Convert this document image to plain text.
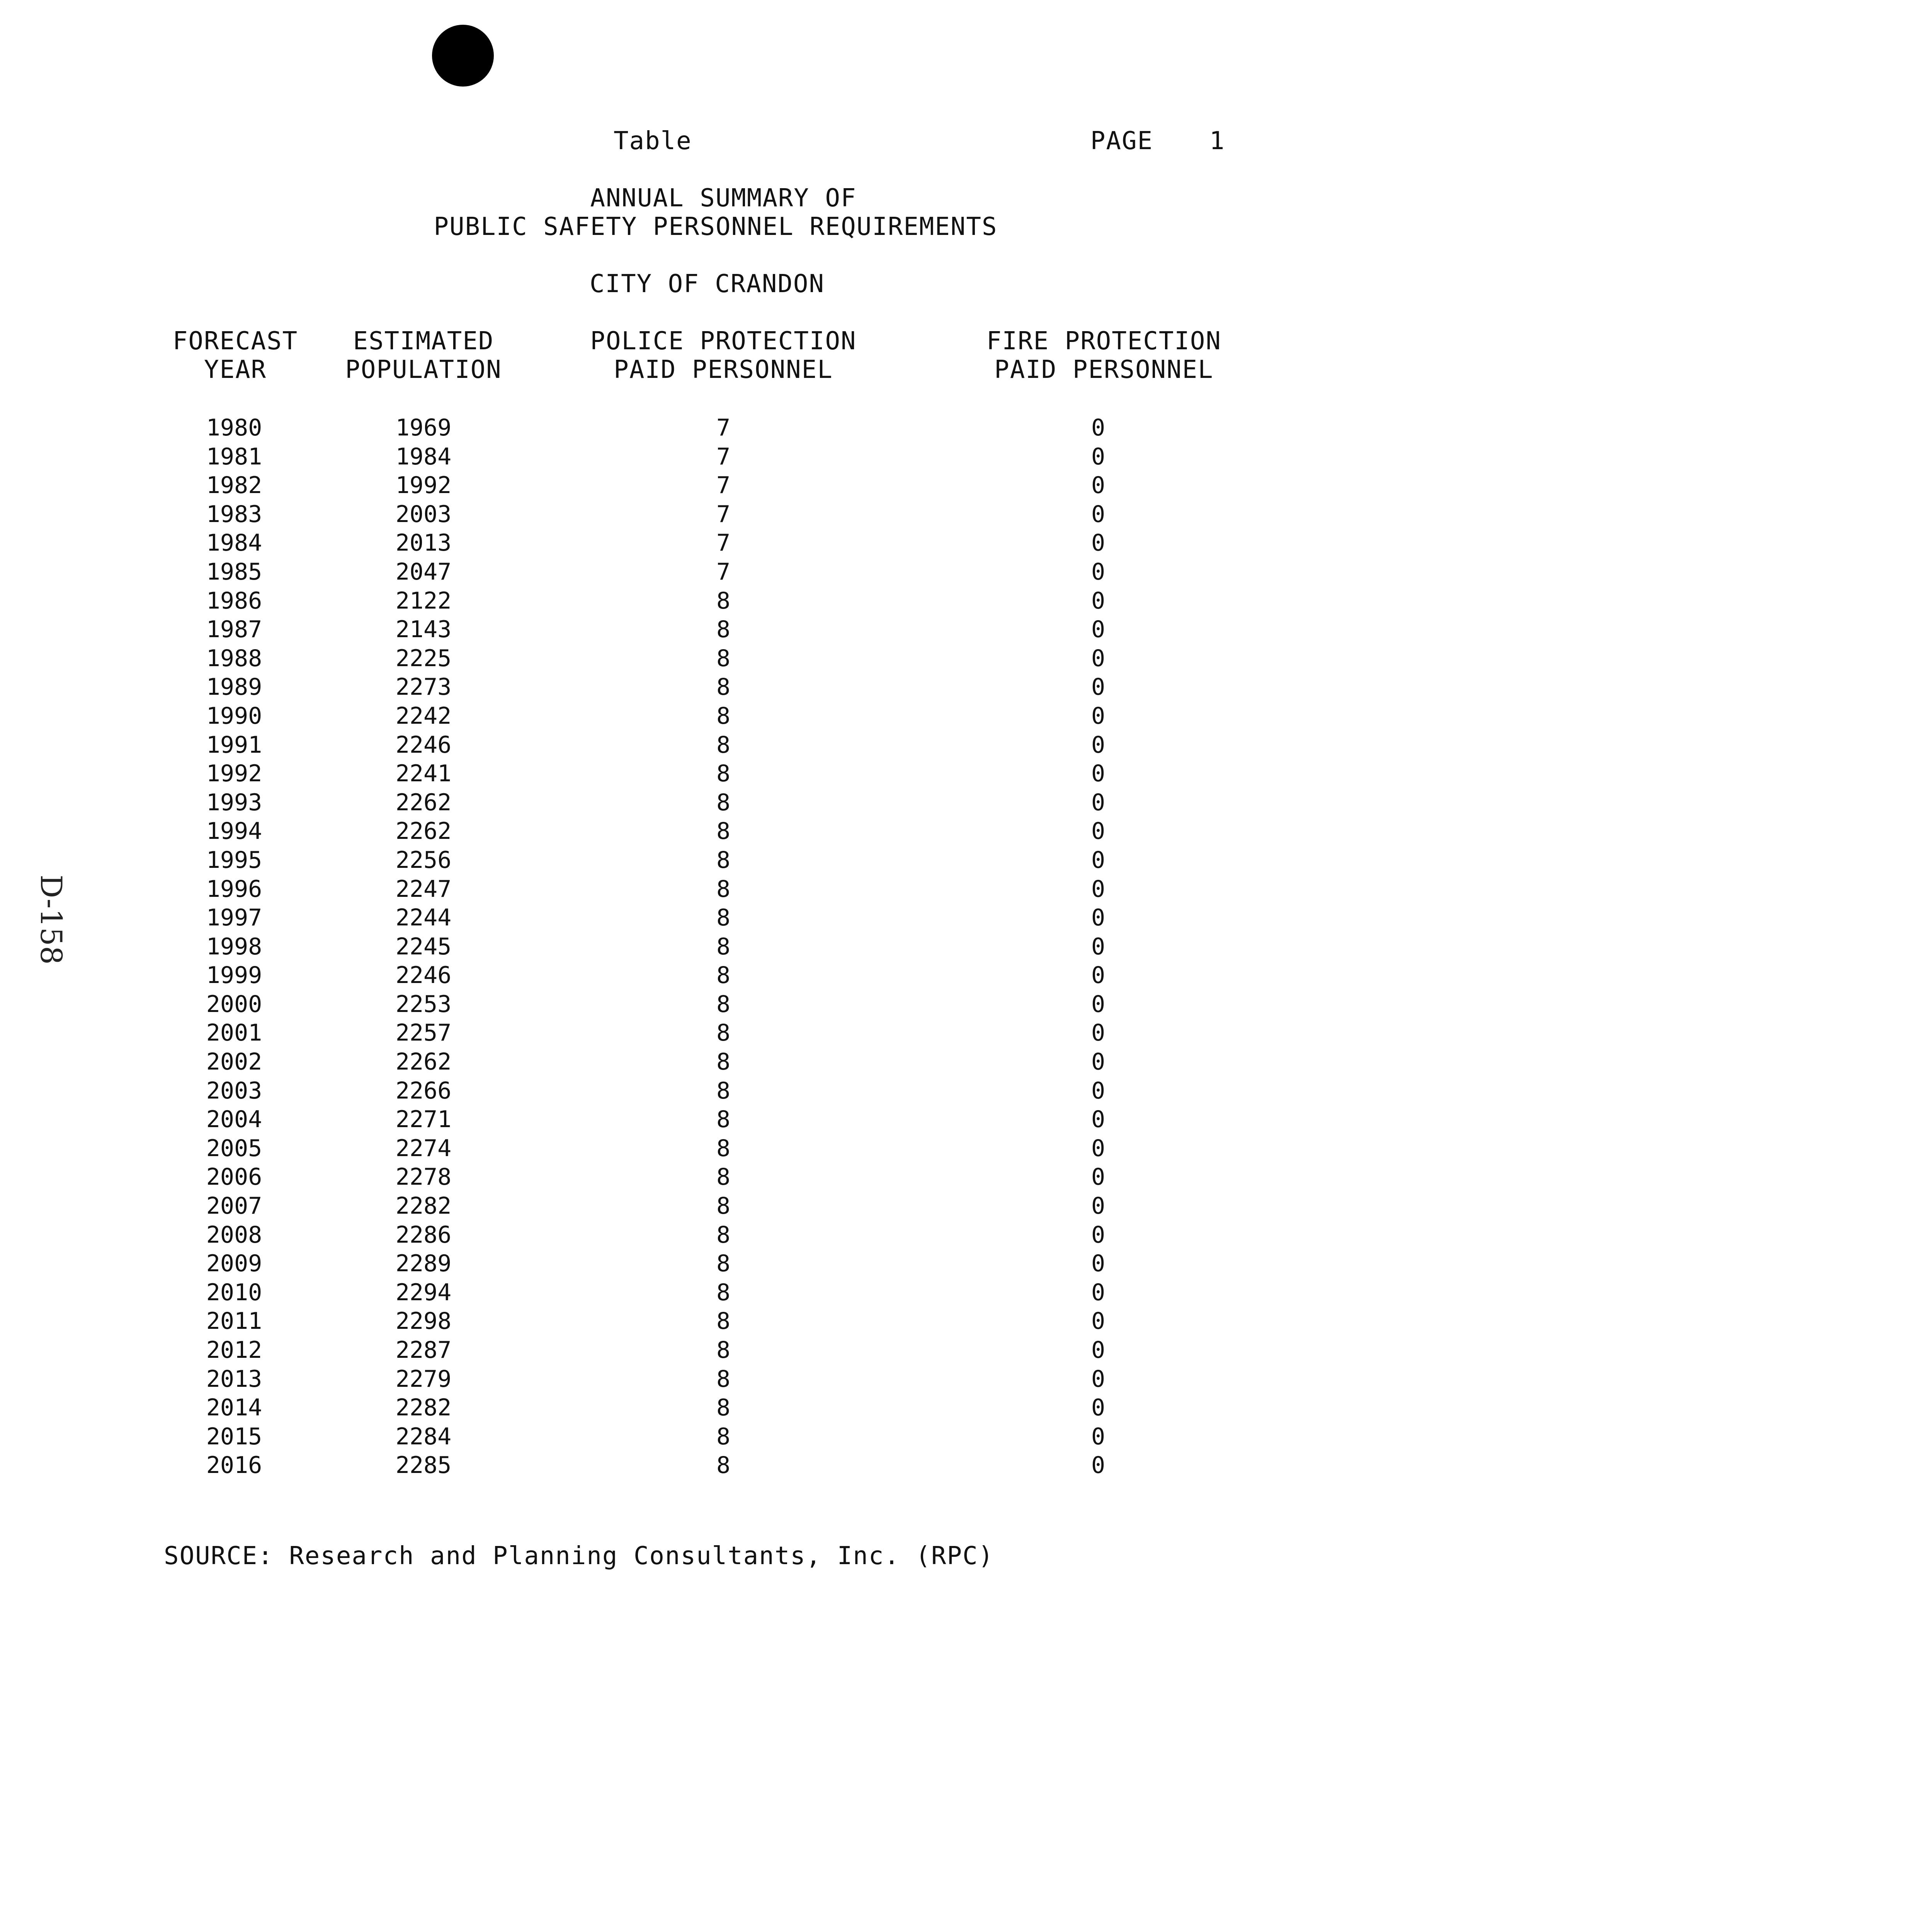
Table	PAGE 1
ANNUAL SUMMARY OF
PUBLIC SAFETY PERSONNEL REQUIREMENTS
CITY OF CRANDON
FORECAST
YEAR
ESTIMATED
POPULATION
POLICE PROTECTION
PAID PERSONNEL
FIRE PROTECTION
PAID PERSONNEL
1980	1969	7	0
1981	1984	7	0
1982	1992	7	0
1983	2003	7	0
1984	2013	7	0
1985	2047	7	0
1986	2122	8	0
1987	2143	8	0
1988	2225	8	0
1989	2273	8	0
1990	2242	8	0
1991	2246	8	0
1992	2241	8	0
1993	2262	8	0
1994	2262	8	0
1995	2256	8	0
1996	2247	8	0
1997	2244	8	0
1998	2245	8	0
1999	2246	8	0
2000	2253	8	0
2001	2257	8	0
2002	2262	8	0
2003	2266	8	0
2004	2271	8	0
2005	2274	8	0
2006	2278	8	0
2007	2282	8	0
2008	2286	8	0
2009	2289	8	0
2010	2294	8	0
2011	2298	8	0
2012	2287	8	0
2013	2279	8	0
2014	2282	8	0
2015	2284	8	0
2016	2285	8	0
SOURCE: Research and Planning Consultants, Inc. (RPC)
D-158
